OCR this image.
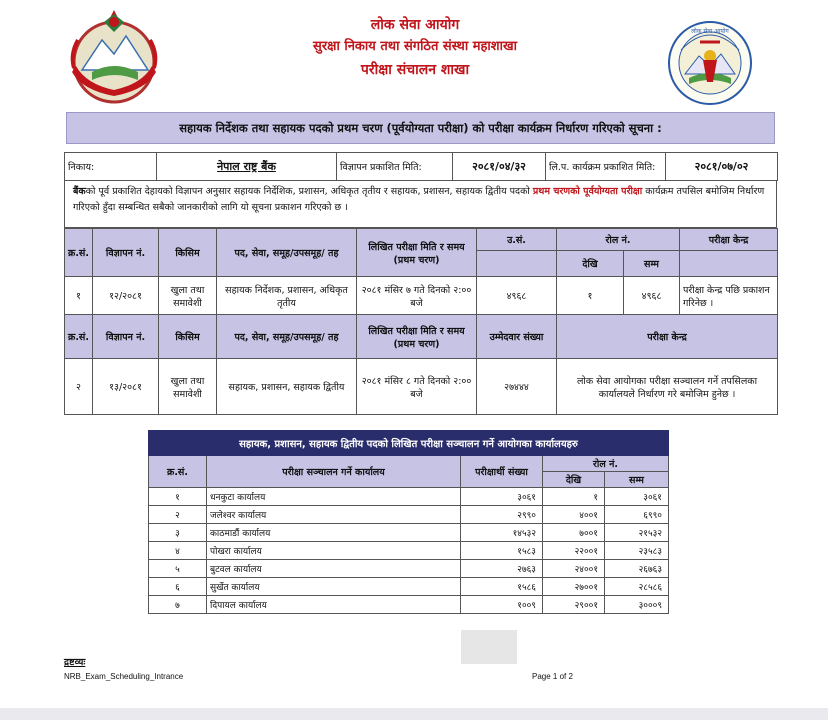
लोक सेवा आयोग
सुरक्षा निकाय तथा संगठित संस्था महाशाखा
परीक्षा संचालन शाखा
लोक सेवा आयोग
सहायक निर्देशक तथा सहायक पदको प्रथम चरण (पूर्वयोग्यता परीक्षा) को परीक्षा कार्यक्रम निर्धारण गरिएको सूचना :
निकाय:	नेपाल राष्ट्र बैंक	विज्ञापन प्रकाशित मिति:	२०८१/०४/३२	लि.प. कार्यक्रम प्रकाशित मिति:	२०८१/०७/०२
बैंकको पूर्व प्रकाशित देहायको विज्ञापन अनुसार सहायक निर्देशिक, प्रशासन, अधिकृत तृतीय र सहायक, प्रशासन, सहायक द्वितीय पदको प्रथम चरणको पूर्वयोग्यता परीक्षा कार्यक्रम तपसिल बमोजिम निर्धारण गरिएको हुँदा सम्बन्धित सबैको जानकारीको लागि यो सूचना प्रकाशन गरिएको छ ।
क्र.सं.	विज्ञापन नं.	किसिम	पद, सेवा, समूह/उपसमूह/ तह	लिखित परीक्षा मिति र समय (प्रथम चरण)	उ.सं.	रोल नं.		परीक्षा केन्द्र
						देखि	सम्म	
१	१२/२०८१	खुला तथा समावेशी	सहायक निर्देशक, प्रशासन, अधिकृत तृतीय	२०८१ मंसिर ७ गते दिनको २:०० बजे	४९६८	१	४९६८	परीक्षा केन्द्र पछि प्रकाशन गरिनेछ ।
क्र.सं.	विज्ञापन नं.	किसिम	पद, सेवा, समूह/उपसमूह/ तह	लिखित परीक्षा मिति र समय (प्रथम चरण)	उम्मेदवार संख्या	परीक्षा केन्द्र		
२	१३/२०८१	खुला तथा समावेशी	सहायक, प्रशासन, सहायक द्वितीय	२०८१ मंसिर ८ गते दिनको २:०० बजे	२७४४४	लोक सेवा आयोगका परीक्षा सञ्चालन गर्ने तपसिलका कार्यालयले निर्धारण गरे बमोजिम हुनेछ ।		
सहायक, प्रशासन, सहायक द्वितीय पदको लिखित परीक्षा सञ्चालन गर्ने आयोगका कार्यालयहरु				
क्र.सं.	परीक्षा सञ्चालन गर्ने कार्यालय	परीक्षार्थी संख्या	रोल नं.	
			देखि	सम्म
१	धनकुटा कार्यालय	३०६१	१	३०६१
२	जलेश्वर कार्यालय	२९९०	४००१	६९९०
३	काठमाडौं कार्यालय	१४५३२	७००१	२१५३२
४	पोखरा कार्यालय	१५८३	२२००१	२३५८३
५	बुटवल कार्यालय	२७६३	२४००१	२६७६३
६	सुर्खेत कार्यालय	१५८६	२७००१	२८५८६
७	दिपायल कार्यालय	१००९	२९००१	३०००९
द्रष्टव्यः
NRB_Exam_Scheduling_Intrance	Page 1 of 2
